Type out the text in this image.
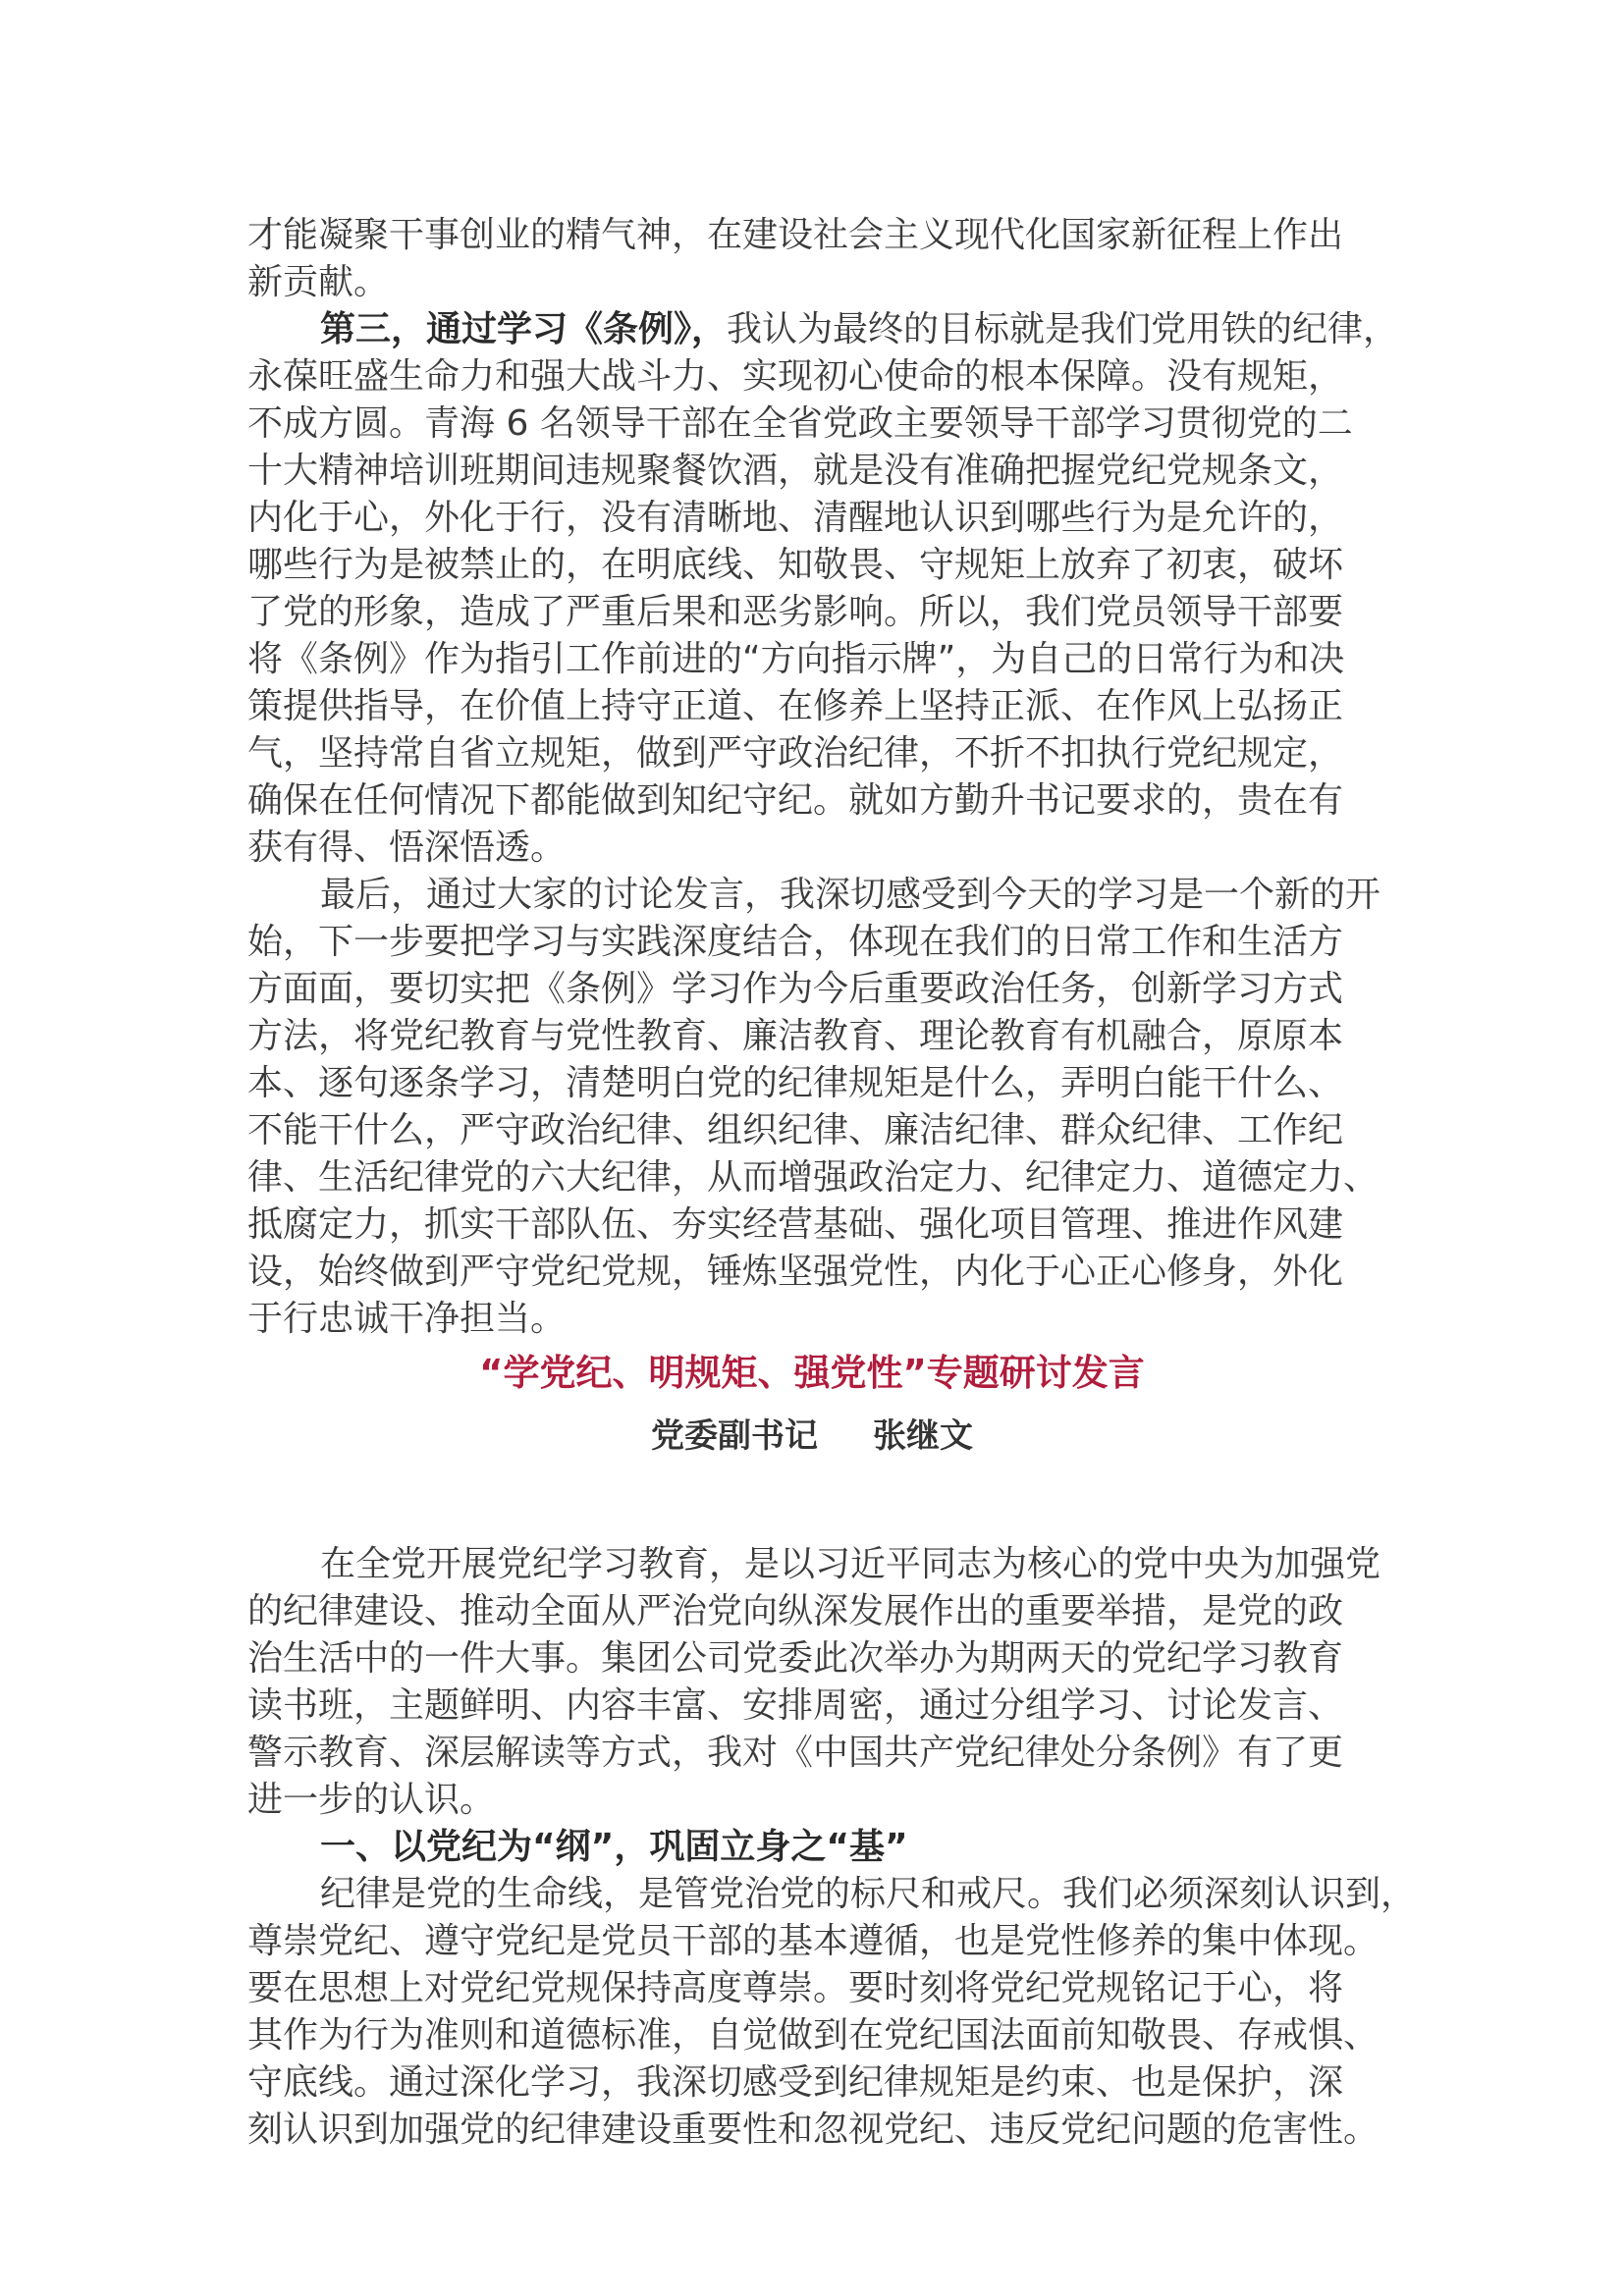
才能凝聚干事创业的精气神，在建设社会主义现代化国家新征程上作出
新贡献。
第三，通过学习《条例》，我认为最终的目标就是我们党用铁的纪律，
永葆旺盛生命力和强大战斗力、实现初心使命的根本保障。没有规矩，
不成方圆。青海 6 名领导干部在全省党政主要领导干部学习贯彻党的二
十大精神培训班期间违规聚餐饮酒，就是没有准确把握党纪党规条文，
内化于心，外化于行，没有清晰地、清醒地认识到哪些行为是允许的，
哪些行为是被禁止的，在明底线、知敬畏、守规矩上放弃了初衷，破坏
了党的形象，造成了严重后果和恶劣影响。所以，我们党员领导干部要
将《条例》作为指引工作前进的“方向指示牌”，为自己的日常行为和决
策提供指导，在价值上持守正道、在修养上坚持正派、在作风上弘扬正
气，坚持常自省立规矩，做到严守政治纪律，不折不扣执行党纪规定，
确保在任何情况下都能做到知纪守纪。就如方勤升书记要求的，贵在有
获有得、悟深悟透。
最后，通过大家的讨论发言，我深切感受到今天的学习是一个新的开
始，下一步要把学习与实践深度结合，体现在我们的日常工作和生活方
方面面，要切实把《条例》学习作为今后重要政治任务，创新学习方式
方法，将党纪教育与党性教育、廉洁教育、理论教育有机融合，原原本
本、逐句逐条学习，清楚明白党的纪律规矩是什么，弄明白能干什么、
不能干什么，严守政治纪律、组织纪律、廉洁纪律、群众纪律、工作纪
律、生活纪律党的六大纪律，从而增强政治定力、纪律定力、道德定力、
抵腐定力，抓实干部队伍、夯实经营基础、强化项目管理、推进作风建
设，始终做到严守党纪党规，锤炼坚强党性，内化于心正心修身，外化
于行忠诚干净担当。
“学党纪、明规矩、强党性”专题研讨发言
党委副书记 张继文
在全党开展党纪学习教育，是以习近平同志为核心的党中央为加强党
的纪律建设、推动全面从严治党向纵深发展作出的重要举措，是党的政
治生活中的一件大事。集团公司党委此次举办为期两天的党纪学习教育
读书班，主题鲜明、内容丰富、安排周密，通过分组学习、讨论发言、
警示教育、深层解读等方式，我对《中国共产党纪律处分条例》有了更
进一步的认识。
一、以党纪为“纲”，巩固立身之“基”
纪律是党的生命线，是管党治党的标尺和戒尺。我们必须深刻认识到，
尊崇党纪、遵守党纪是党员干部的基本遵循，也是党性修养的集中体现。
要在思想上对党纪党规保持高度尊崇。要时刻将党纪党规铭记于心，将
其作为行为准则和道德标准，自觉做到在党纪国法面前知敬畏、存戒惧、
守底线。通过深化学习，我深切感受到纪律规矩是约束、也是保护，深
刻认识到加强党的纪律建设重要性和忽视党纪、违反党纪问题的危害性。
